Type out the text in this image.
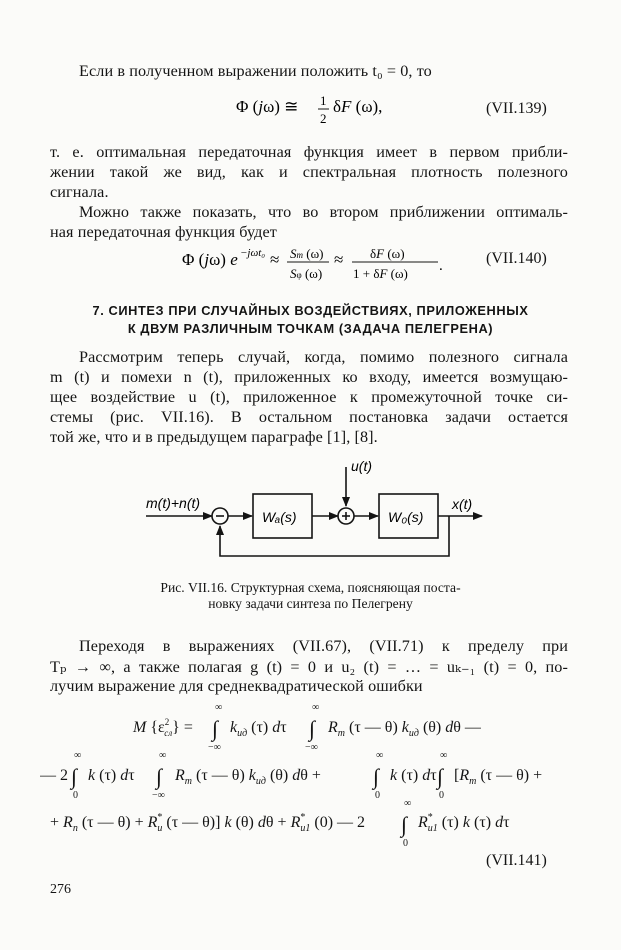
Если в полученном выражении положить t₀ = 0, то
Φ (jω) ≅ 1
2
δF (ω),	(VII.139)
т. е. оптимальная передаточная функция имеет в первом прибли-
жении такой же вид, как и спектральная плотность полезного
сигнала.
Можно также показать, что во втором приближении оптималь-
ная передаточная функция будет
Φ (jω) e −jωt₀ ≈ Sm (ω)
Sφ (ω)
≈ δF (ω)
1 + δF (ω) .	(VII.140)
7. СИНТЕЗ ПРИ СЛУЧАЙНЫХ ВОЗДЕЙСТВИЯХ, ПРИЛОЖЕННЫХ
К ДВУМ РАЗЛИЧНЫМ ТОЧКАМ (ЗАДАЧА ПЕЛЕГРЕНА)
Рассмотрим теперь случай, когда, помимо полезного сигнала
m (t) и помехи n (t), приложенных ко входу, имеется возмущаю-
щее воздействие u (t), приложенное к промежуточной точке си-
стемы (рис. VII.16). В остальном постановка задачи остается
той же, что и в предыдущем параграфе [1], [8].
m(t)+n(t)
Wₐ(s)	W₀(s)
u(t)
x(t)
Рис. VII.16. Структурная схема, поясняющая поста-
новку задачи синтеза по Пелегрену
Переходя в выражениях (VII.67), (VII.71) к пределу при
Tₚ → ∞, а также полагая g (t) = 0 и u₂ (t) = … = uₖ₋₁ (t) = 0, по-
лучим выражение для среднеквадратической ошибки
M {$\varepsilon^2$ сл} =
∞
∫
−∞
$k_{uд}$ (τ) dτ
∞
∫
−∞
$R_m$ (τ — θ) $k_{uд}$ (θ) dθ —
— 2
∞
∫
0
k (τ) dτ
∞
∫
−∞
$R_m$ (τ — θ) $k_{uд}$ (θ) dθ +
∞
∫
0
k (τ) dτ
∞
∫
0
[$R_m$ (τ — θ) +
+ $R_n$ (τ — θ) + R* u (τ — θ)] k (θ) dθ + R* u1 (0) — 2
∞
∫
0
R* u1 (τ) k (τ) dτ
(VII.141)
276
